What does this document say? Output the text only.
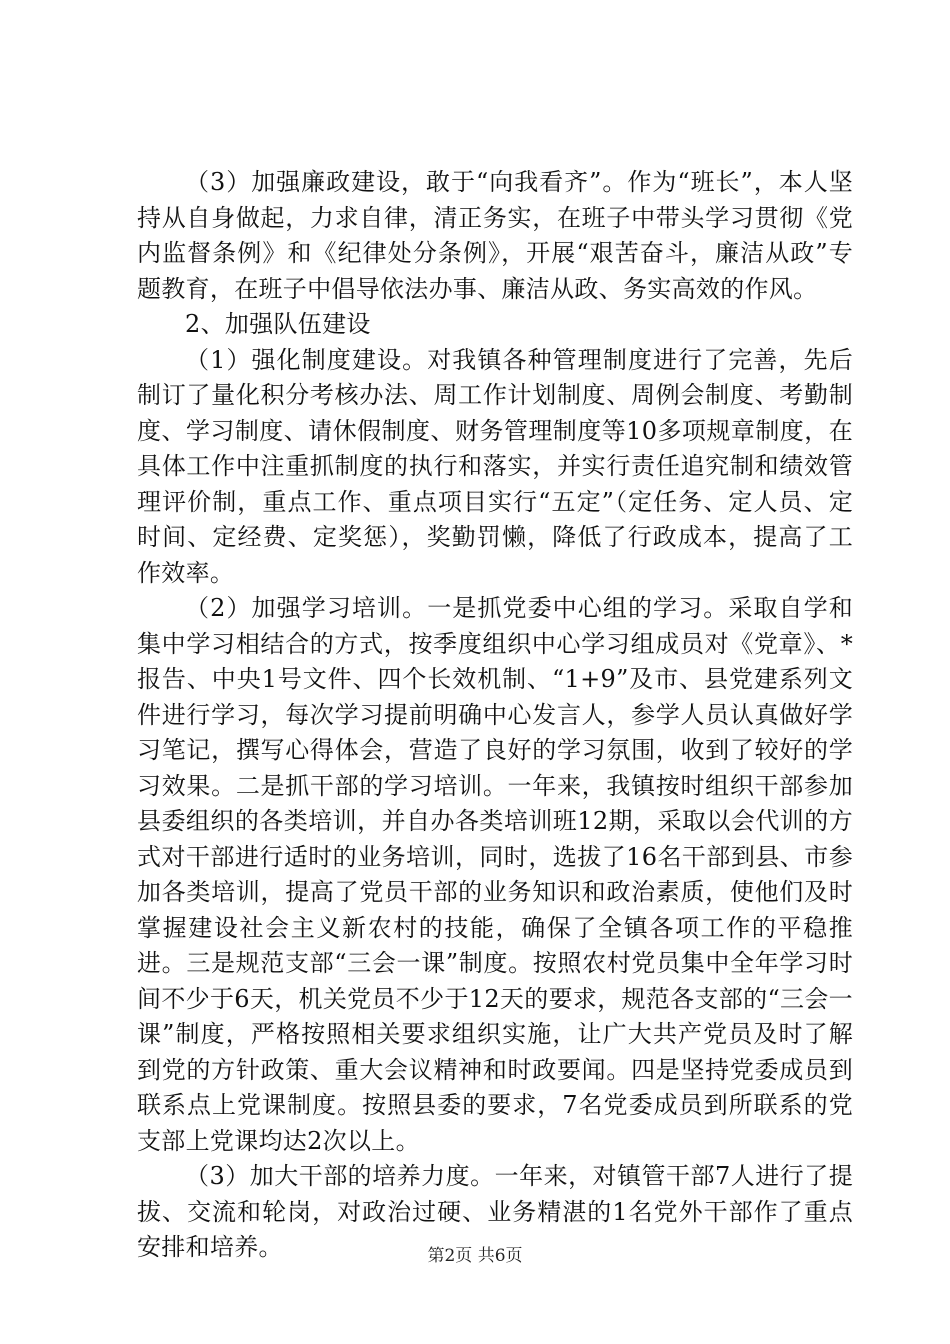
（3）加强廉政建设，敢于“向我看齐”。作为“班长”，本人坚持从自身做起，力求自律，清正务实，在班子中带头学习贯彻《党内监督条例》和《纪律处分条例》，开展“艰苦奋斗，廉洁从政”专题教育，在班子中倡导依法办事、廉洁从政、务实高效的作风。

2、加强队伍建设

（1）强化制度建设。对我镇各种管理制度进行了完善，先后制订了量化积分考核办法、周工作计划制度、周例会制度、考勤制度、学习制度、请休假制度、财务管理制度等10多项规章制度，在具体工作中注重抓制度的执行和落实，并实行责任追究制和绩效管理评价制，重点工作、重点项目实行“五定”（定任务、定人员、定时间、定经费、定奖惩），奖勤罚懒，降低了行政成本，提高了工作效率。

（2）加强学习培训。一是抓党委中心组的学习。采取自学和集中学习相结合的方式，按季度组织中心学习组成员对《党章》、*报告、中央1号文件、四个长效机制、“1+9”及市、县党建系列文件进行学习，每次学习提前明确中心发言人，参学人员认真做好学习笔记，撰写心得体会，营造了良好的学习氛围，收到了较好的学习效果。二是抓干部的学习培训。一年来，我镇按时组织干部参加县委组织的各类培训，并自办各类培训班12期，采取以会代训的方式对干部进行适时的业务培训，同时，选拔了16名干部到县、市参加各类培训，提高了党员干部的业务知识和政治素质，使他们及时掌握建设社会主义新农村的技能，确保了全镇各项工作的平稳推进。三是规范支部“三会一课”制度。按照农村党员集中全年学习时间不少于6天，机关党员不少于12天的要求，规范各支部的“三会一课”制度，严格按照相关要求组织实施，让广大共产党员及时了解到党的方针政策、重大会议精神和时政要闻。四是坚持党委成员到联系点上党课制度。按照县委的要求，7名党委成员到所联系的党支部上党课均达2次以上。

（3）加大干部的培养力度。一年来，对镇管干部7人进行了提拔、交流和轮岗，对政治过硬、业务精湛的1名党外干部作了重点安排和培养。	第2页 共6页
